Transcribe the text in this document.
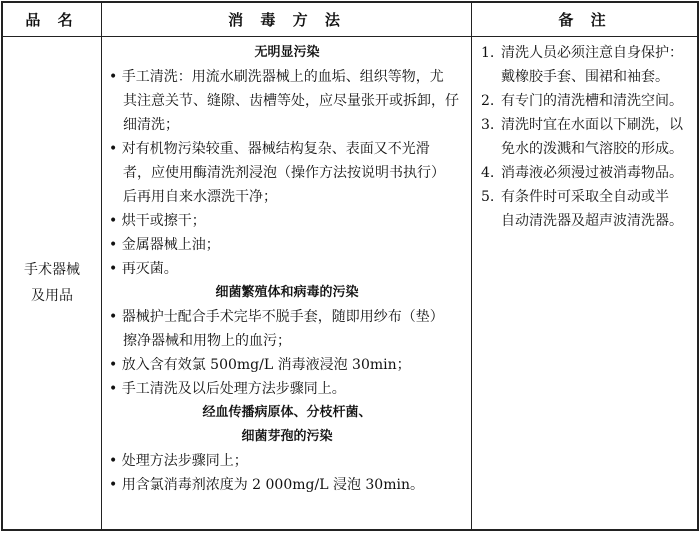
品 名	消 毒 方 法	备 注
手术器械
及用品
无明显污染
• 手工清洗：用流水刷洗器械上的血垢、组织等物，尤
其注意关节、缝隙、齿槽等处，应尽量张开或拆卸，仔
细清洗；
• 对有机物污染较重、器械结构复杂、表面又不光滑
者，应使用酶清洗剂浸泡（操作方法按说明书执行）
后再用自来水漂洗干净；
• 烘干或擦干；
• 金属器械上油；
• 再灭菌。
细菌繁殖体和病毒的污染
• 器械护士配合手术完毕不脱手套，随即用纱布（垫）
擦净器械和用物上的血污；
• 放入含有效氯 500mg/L 消毒液浸泡 30min；
• 手工清洗及以后处理方法步骤同上。
经血传播病原体、分枝杆菌、
细菌芽孢的污染
• 处理方法步骤同上；
• 用含氯消毒剂浓度为 2 000mg/L 浸泡 30min。
1. 清洗人员必须注意自身保护：
戴橡胶手套、围裙和袖套。
2. 有专门的清洗槽和清洗空间。
3. 清洗时宜在水面以下刷洗，以
免水的泼溅和气溶胶的形成。
4. 消毒液必须漫过被消毒物品。
5. 有条件时可采取全自动或半
自动清洗器及超声波清洗器。
